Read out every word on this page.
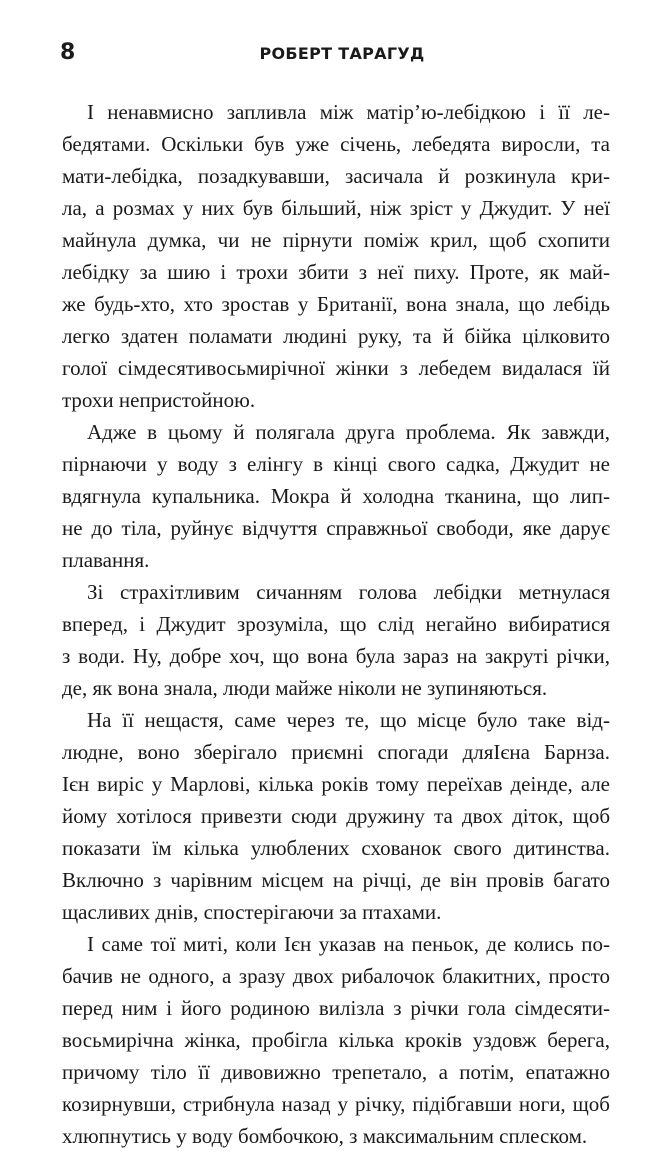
8	РОБЕРТ ТАРАГУД
І ненавмисно запливла між матір’ю-лебідкою і її ле-
бедятами. Оскільки був уже січень, лебедята виросли, та
мати-лебідка, позадкувавши, засичала й розкинула кри-
ла, а розмах у них був більший, ніж зріст у Джудит. У неї
майнула думка, чи не пірнути поміж крил, щоб схопити
лебідку за шию і трохи збити з неї пиху. Проте, як май-
же будь-хто, хто зростав у Британії, вона знала, що лебідь
легко здатен поламати людині руку, та й бійка цілковито
голої сімдесятивосьмирічної жінки з лебедем видалася їй
трохи непристойною.
Адже в цьому й полягала друга проблема. Як завжди,
пірнаючи у воду з елінгу в кінці свого садка, Джудит не
вдягнула купальника. Мокра й холодна тканина, що лип-
не до тіла, руйнує відчуття справжньої свободи, яке дарує
плавання.
Зі страхітливим сичанням голова лебідки метнулася
вперед, і Джудит зрозуміла, що слід негайно вибиратися
з води. Ну, добре хоч, що вона була зараз на закруті річки,
де, як вона знала, люди майже ніколи не зупиняються.
На її нещастя, саме через те, що місце було таке від-
людне, воно зберігало приємні спогади дляІєна Барнза.
Ієн виріс у Марлові, кілька років тому переїхав деінде, але
йому хотілося привезти сюди дружину та двох діток, щоб
показати їм кілька улюблених схованок свого дитинства.
Включно з чарівним місцем на річці, де він провів багато
щасливих днів, спостерігаючи за птахами.
І саме тої миті, коли Ієн указав на пеньок, де колись по-
бачив не одного, а зразу двох рибалочок блакитних, просто
перед ним і його родиною вилізла з річки гола сімдесяти-
восьмирічна жінка, пробігла кілька кроків уздовж берега,
причому тіло її дивовижно трепетало, а потім, епатажно
козирнувши, стрибнула назад у річку, підібгавши ноги, щоб
хлюпнутись у воду бомбочкою, з максимальним сплеском.
